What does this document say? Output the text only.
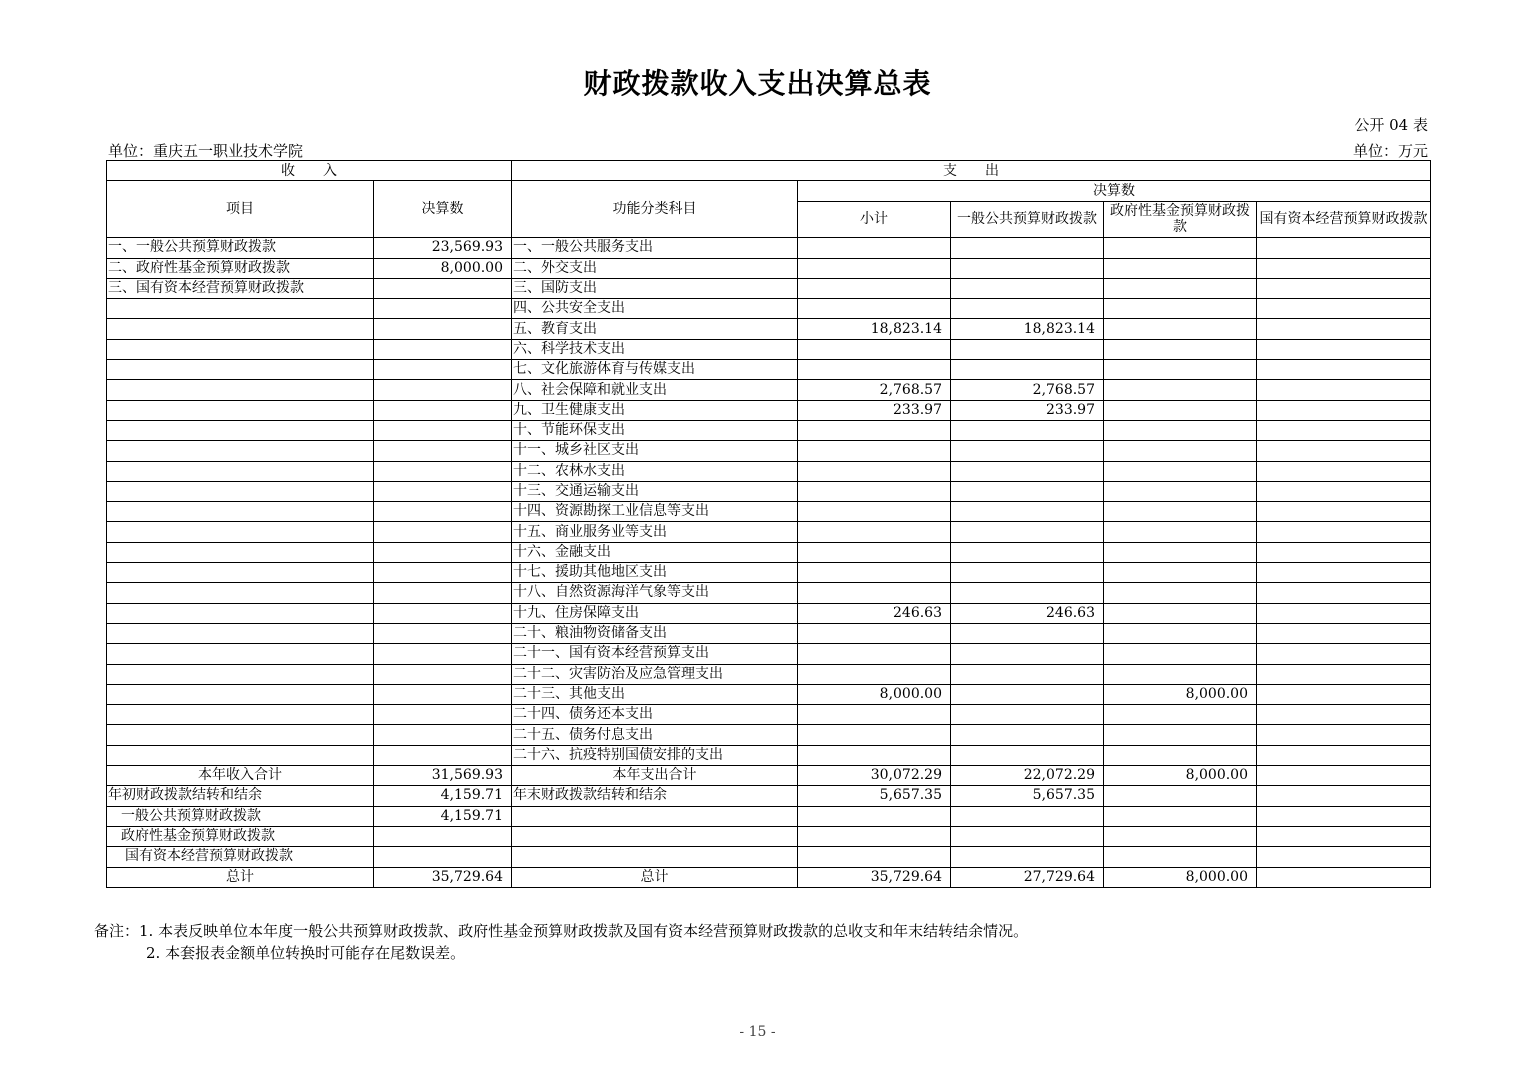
财政拨款收入支出决算总表
公开 04 表
单位：重庆五一职业技术学院	单位：万元
收　　入		支　　出				
项目	决算数	功能分类科目	决算数			
			小计	一般公共预算财政拨款	政府性基金预算财政拨款	国有资本经营预算财政拨款

一、一般公共预算财政拨款	23,569.93	一、一般公共服务支出				
二、政府性基金预算财政拨款	8,000.00	二、外交支出				
三、国有资本经营预算财政拨款		三、国防支出				
		四、公共安全支出				
		五、教育支出	18,823.14	18,823.14		
		六、科学技术支出				
		七、文化旅游体育与传媒支出				
		八、社会保障和就业支出	2,768.57	2,768.57		
		九、卫生健康支出	233.97	233.97		
		十、节能环保支出				
		十一、城乡社区支出				
		十二、农林水支出				
		十三、交通运输支出				
		十四、资源勘探工业信息等支出				
		十五、商业服务业等支出				
		十六、金融支出				
		十七、援助其他地区支出				
		十八、自然资源海洋气象等支出				
		十九、住房保障支出	246.63	246.63		
		二十、粮油物资储备支出				
		二十一、国有资本经营预算支出				
		二十二、灾害防治及应急管理支出				
		二十三、其他支出	8,000.00		8,000.00	
		二十四、债务还本支出				
		二十五、债务付息支出				
		二十六、抗疫特别国债安排的支出				
本年收入合计	31,569.93	本年支出合计	30,072.29	22,072.29	8,000.00	
年初财政拨款结转和结余	4,159.71	年末财政拨款结转和结余	5,657.35	5,657.35		
一般公共预算财政拨款	4,159.71					
政府性基金预算财政拨款						
国有资本经营预算财政拨款						
总计	35,729.64	总计	35,729.64	27,729.64	8,000.00	
备注：1. 本表反映单位本年度一般公共预算财政拨款、政府性基金预算财政拨款及国有资本经营预算财政拨款的总收支和年末结转结余情况。
2. 本套报表金额单位转换时可能存在尾数误差。
- 15 -
